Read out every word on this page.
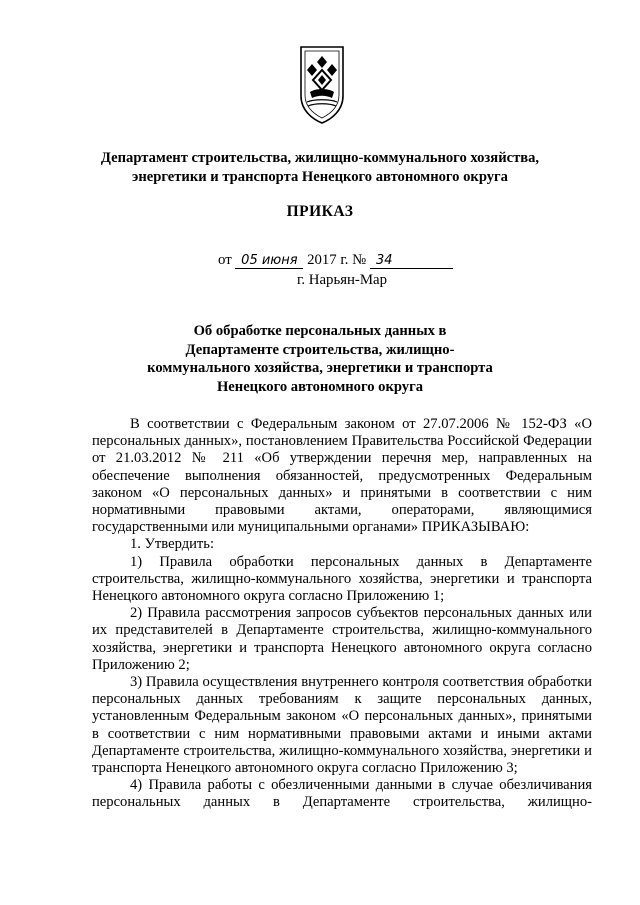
Департамент строительства, жилищно-коммунального хозяйства,
энергетики и транспорта Ненецкого автономного округа
ПРИКАЗ
от 05 июня 2017 г. № 34
г. Нарьян-Мар
Об обработке персональных данных в
Департаменте строительства, жилищно-
коммунального хозяйства, энергетики и транспорта
Ненецкого автономного округа

В соответствии с Федеральным законом от 27.07.2006 № 152-ФЗ «О персональных данных», постановлением Правительства Российской Федерации от 21.03.2012 № 211 «Об утверждении перечня мер, направленных на обеспечение выполнения обязанностей, предусмотренных Федеральным законом «О персональных данных» и принятыми в соответствии с ним нормативными правовыми актами, операторами, являющимися государственными или муниципальными органами» ПРИКАЗЫВАЮ:

1. Утвердить:

1) Правила обработки персональных данных в Департаменте строительства, жилищно-коммунального хозяйства, энергетики и транспорта Ненецкого автономного округа согласно Приложению 1;

2) Правила рассмотрения запросов субъектов персональных данных или их представителей в Департаменте строительства, жилищно-коммунального хозяйства, энергетики и транспорта Ненецкого автономного округа согласно Приложению 2;

3) Правила осуществления внутреннего контроля соответствия обработки персональных данных требованиям к защите персональных данных, установленным Федеральным законом «О персональных данных», принятыми в соответствии с ним нормативными правовыми актами и иными актами Департаменте строительства, жилищно-коммунального хозяйства, энергетики и транспорта Ненецкого автономного округа согласно Приложению 3;

4) Правила работы с обезличенными данными в случае обезличивания персональных данных в Департаменте строительства, жилищно-
